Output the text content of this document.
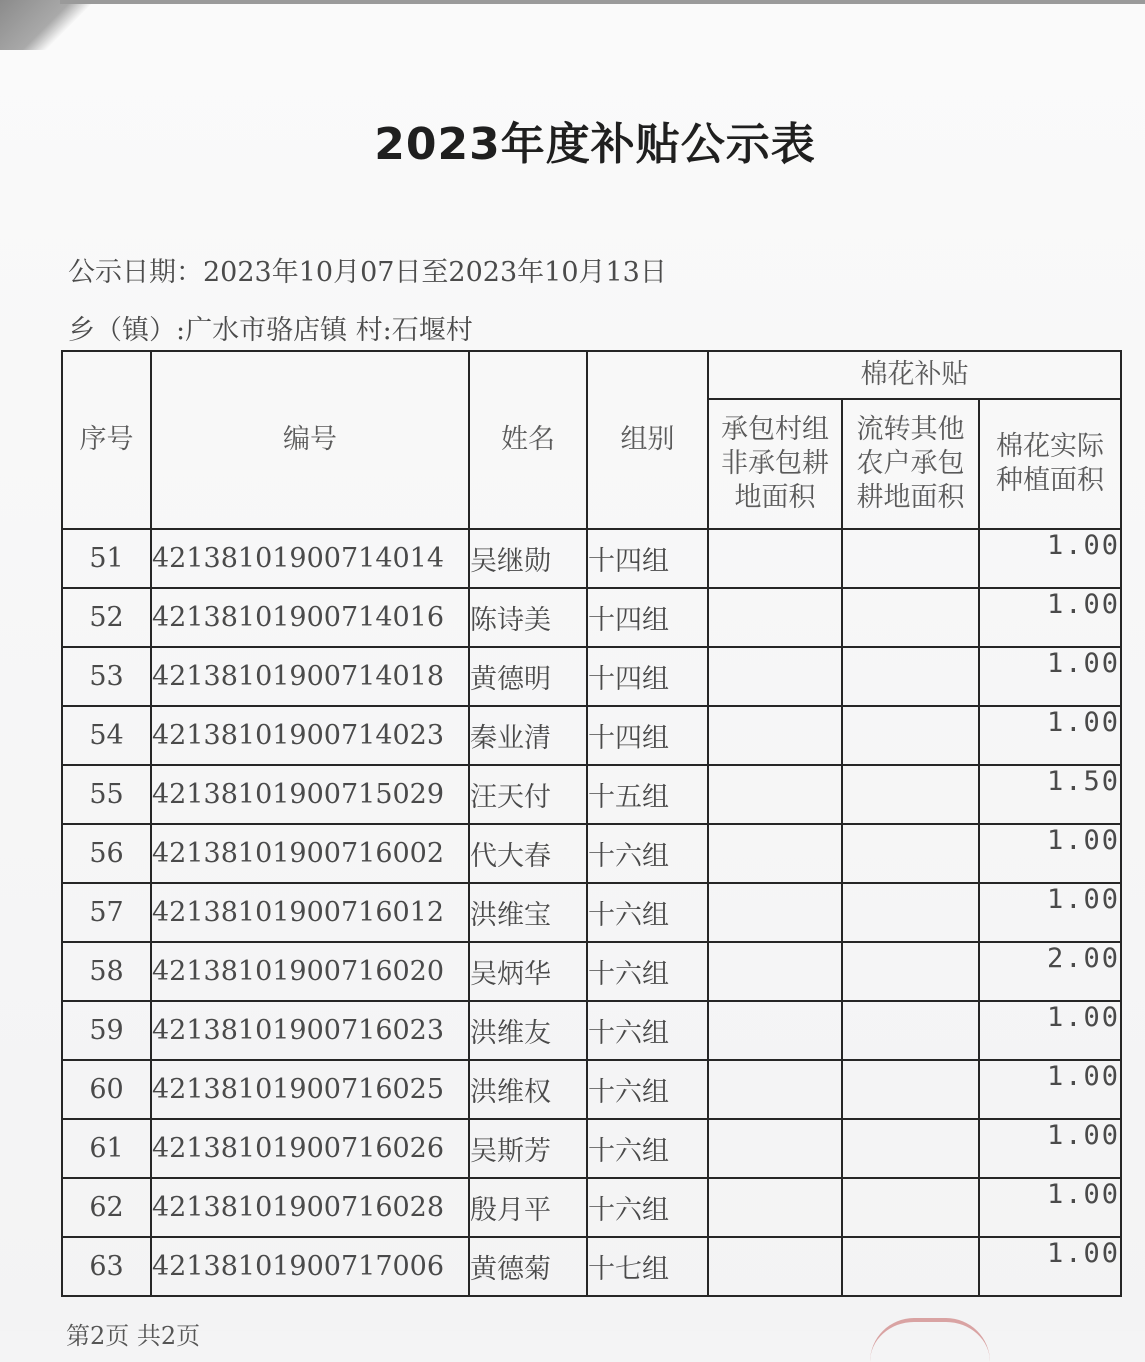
2023年度补贴公示表
公示日期：2023年10月07日至2023年10月13日
乡（镇）:广水市骆店镇 村:石堰村
序号	编号	姓名	组别	棉花补贴		
				承包村组非承包耕地面积	流转其他农户承包耕地面积	棉花实际种植面积
51	42138101900714014	吴继勋	十四组			1.00
52	42138101900714016	陈诗美	十四组			1.00
53	42138101900714018	黄德明	十四组			1.00
54	42138101900714023	秦业清	十四组			1.00
55	42138101900715029	汪天付	十五组			1.50
56	42138101900716002	代大春	十六组			1.00
57	42138101900716012	洪维宝	十六组			1.00
58	42138101900716020	吴炳华	十六组			2.00
59	42138101900716023	洪维友	十六组			1.00
60	42138101900716025	洪维权	十六组			1.00
61	42138101900716026	吴斯芳	十六组			1.00
62	42138101900716028	殷月平	十六组			1.00
63	42138101900717006	黄德菊	十七组			1.00
第2页 共2页
